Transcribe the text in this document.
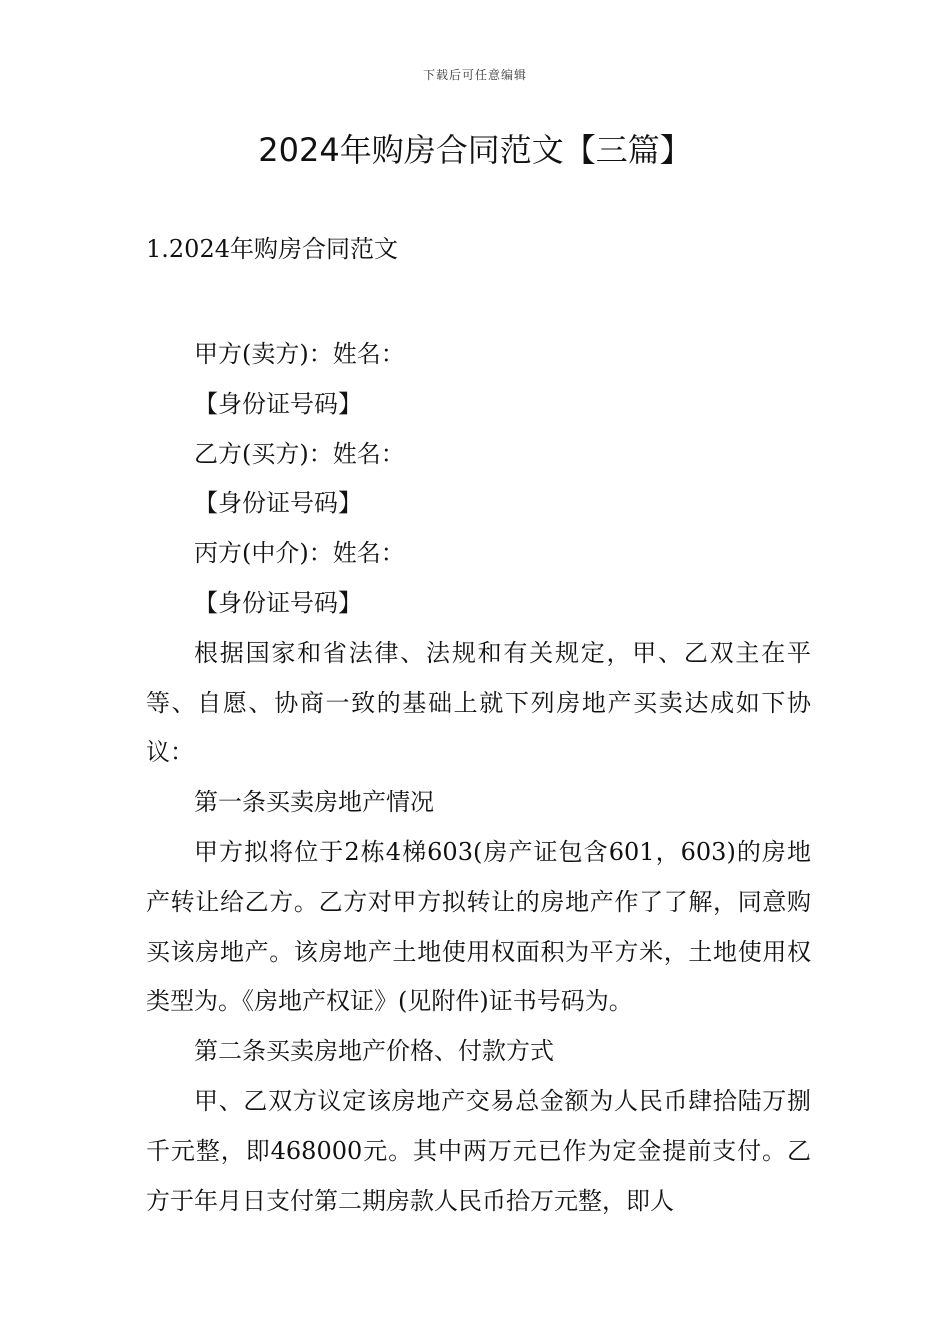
下载后可任意编辑
2024年购房合同范文【三篇】
1.2024年购房合同范文

甲方(卖方)：姓名：

【身份证号码】

乙方(买方)：姓名：

【身份证号码】

丙方(中介)：姓名：

【身份证号码】

根据国家和省法律、法规和有关规定，甲、乙双主在平等、自愿、协商一致的基础上就下列房地产买卖达成如下协议：

第一条买卖房地产情况

甲方拟将位于2栋4梯603(房产证包含601，603)的房地产转让给乙方。乙方对甲方拟转让的房地产作了了解，同意购买该房地产。该房地产土地使用权面积为平方米，土地使用权类型为。《房地产权证》(见附件)证书号码为。

第二条买卖房地产价格、付款方式

甲、乙双方议定该房地产交易总金额为人民币肆拾陆万捌千元整，即468000元。其中两万元已作为定金提前支付。乙方于年月日支付第二期房款人民币拾万元整，即人
